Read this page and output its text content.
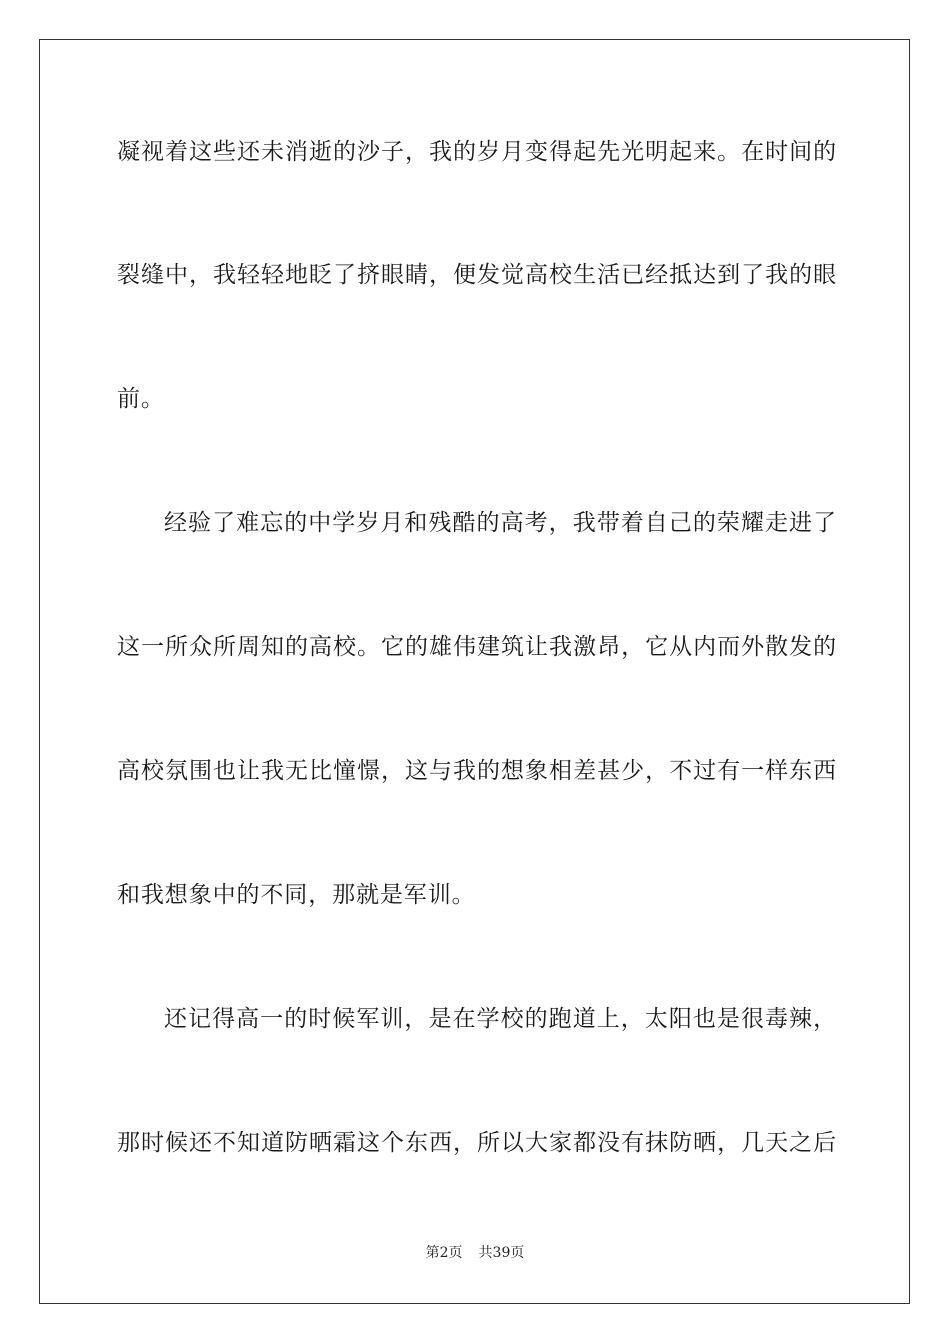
凝视着这些还未消逝的沙子，我的岁月变得起先光明起来。在时间的
裂缝中，我轻轻地眨了挤眼睛，便发觉高校生活已经抵达到了我的眼
前。
经验了难忘的中学岁月和残酷的高考，我带着自己的荣耀走进了
这一所众所周知的高校。它的雄伟建筑让我激昂，它从内而外散发的
高校氛围也让我无比憧憬，这与我的想象相差甚少，不过有一样东西
和我想象中的不同，那就是军训。
还记得高一的时候军训，是在学校的跑道上，太阳也是很毒辣，
那时候还不知道防晒霜这个东西，所以大家都没有抹防晒，几天之后
第2页 共39页
